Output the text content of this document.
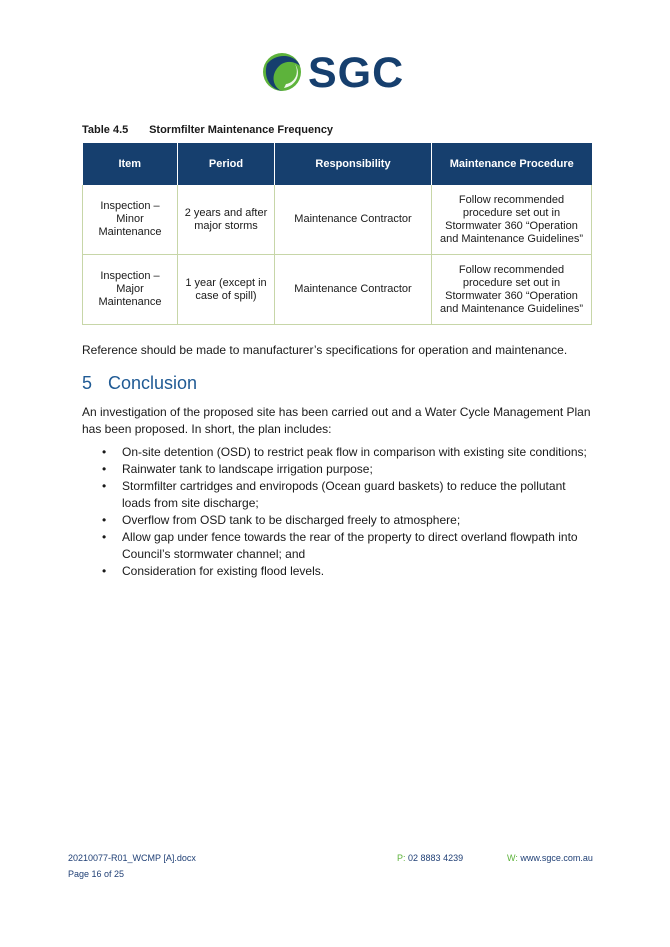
SGC
Table 4.5 Stormfilter Maintenance Frequency
Item	Period	Responsibility	Maintenance Procedure
Inspection – Minor Maintenance	2 years and after major storms	Maintenance Contractor	Follow recommended procedure set out in Stormwater 360 “Operation and Maintenance Guidelines”
Inspection – Major Maintenance	1 year (except in case of spill)	Maintenance Contractor	Follow recommended procedure set out in Stormwater 360 “Operation and Maintenance Guidelines”
Reference should be made to manufacturer’s specifications for operation and maintenance.
5 Conclusion
An investigation of the proposed site has been carried out and a Water Cycle Management Plan has been proposed. In short, the plan includes:
• On-site detention (OSD) to restrict peak flow in comparison with existing site conditions;
• Rainwater tank to landscape irrigation purpose;
• Stormfilter cartridges and enviropods (Ocean guard baskets) to reduce the pollutant loads from site discharge;
• Overflow from OSD tank to be discharged freely to atmosphere;
• Allow gap under fence towards the rear of the property to direct overland flowpath into Council’s stormwater channel; and
• Consideration for existing flood levels.
20210077-R01_WCMP [A].docx
Page 16 of 25
P: 02 8883 4239	W: www.sgce.com.au
